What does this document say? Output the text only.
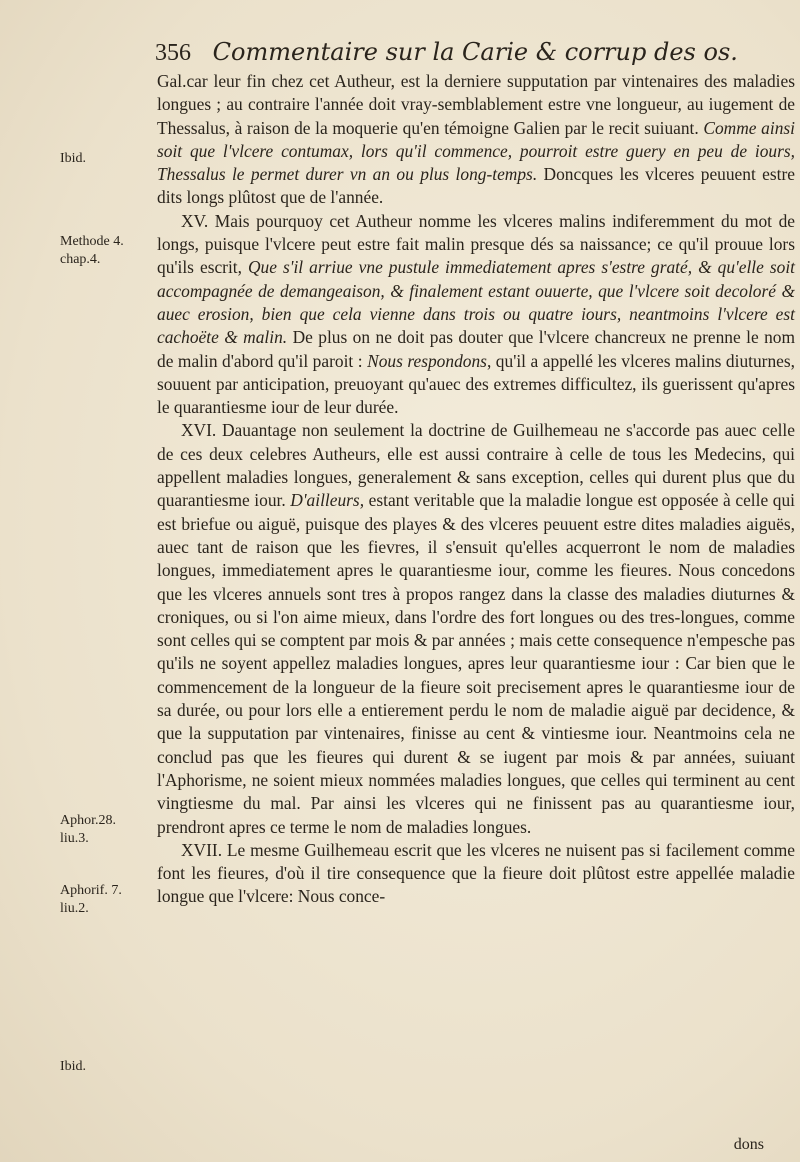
356 Commentaire sur la Carie & corrup des os.
Ibid.
Methode 4.
chap.4.
Aphor.28.
liu.3.
Aphorif. 7.
liu.2.
Ibid.

Gal.car leur fin chez cet Autheur, est la derniere supputation par vintenaires des maladies longues ; au contraire l'année doit vray-semblablement estre vne longueur, au iugement de Thessalus, à raison de la moquerie qu'en témoigne Galien par le recit suiuant. Comme ainsi soit que l'vlcere contumax, lors qu'il commence, pourroit estre guery en peu de iours, Thessalus le permet durer vn an ou plus long-temps. Doncques les vlceres peuuent estre dits longs plûtost que de l'année.

XV. Mais pourquoy cet Autheur nomme les vlceres malins indiferemment du mot de longs, puisque l'vlcere peut estre fait malin presque dés sa naissance; ce qu'il prouue lors qu'ils escrit, Que s'il arriue vne pustule immediatement apres s'estre graté, & qu'elle soit accompagnée de demangeaison, & finalement estant ouuerte, que l'vlcere soit decoloré & auec erosion, bien que cela vienne dans trois ou quatre iours, neantmoins l'vlcere est cachoëte & malin. De plus on ne doit pas douter que l'vlcere chancreux ne prenne le nom de malin d'abord qu'il paroit : Nous respondons, qu'il a appellé les vlceres malins diuturnes, souuent par anticipation, preuoyant qu'auec des extremes difficultez, ils guerissent qu'apres le quarantiesme iour de leur durée.

XVI. Dauantage non seulement la doctrine de Guilhemeau ne s'accorde pas auec celle de ces deux celebres Autheurs, elle est aussi contraire à celle de tous les Medecins, qui appellent maladies longues, generalement & sans exception, celles qui durent plus que du quarantiesme iour. D'ailleurs, estant veritable que la maladie longue est opposée à celle qui est briefue ou aiguë, puisque des playes & des vlceres peuuent estre dites maladies aiguës, auec tant de raison que les fievres, il s'ensuit qu'elles acquerront le nom de maladies longues, immediatement apres le quarantiesme iour, comme les fieures. Nous concedons que les vlceres annuels sont tres à propos rangez dans la classe des maladies diuturnes & croniques, ou si l'on aime mieux, dans l'ordre des fort longues ou des tres-longues, comme sont celles qui se comptent par mois & par années ; mais cette consequence n'empesche pas qu'ils ne soyent appellez maladies longues, apres leur quarantiesme iour : Car bien que le commencement de la longueur de la fieure soit precisement apres le quarantiesme iour de sa durée, ou pour lors elle a entierement perdu le nom de maladie aiguë par decidence, & que la supputation par vintenaires, finisse au cent & vintiesme iour. Neantmoins cela ne conclud pas que les fieures qui durent & se iugent par mois & par années, suiuant l'Aphorisme, ne soient mieux nommées maladies longues, que celles qui terminent au cent vingtiesme du mal. Par ainsi les vlceres qui ne finissent pas au quarantiesme iour, prendront apres ce terme le nom de maladies longues.

XVII. Le mesme Guilhemeau escrit que les vlceres ne nuisent pas si facilement comme font les fieures, d'où il tire consequence que la fieure doit plûtost estre appellée maladie longue que l'vlcere: Nous conce-

dons
